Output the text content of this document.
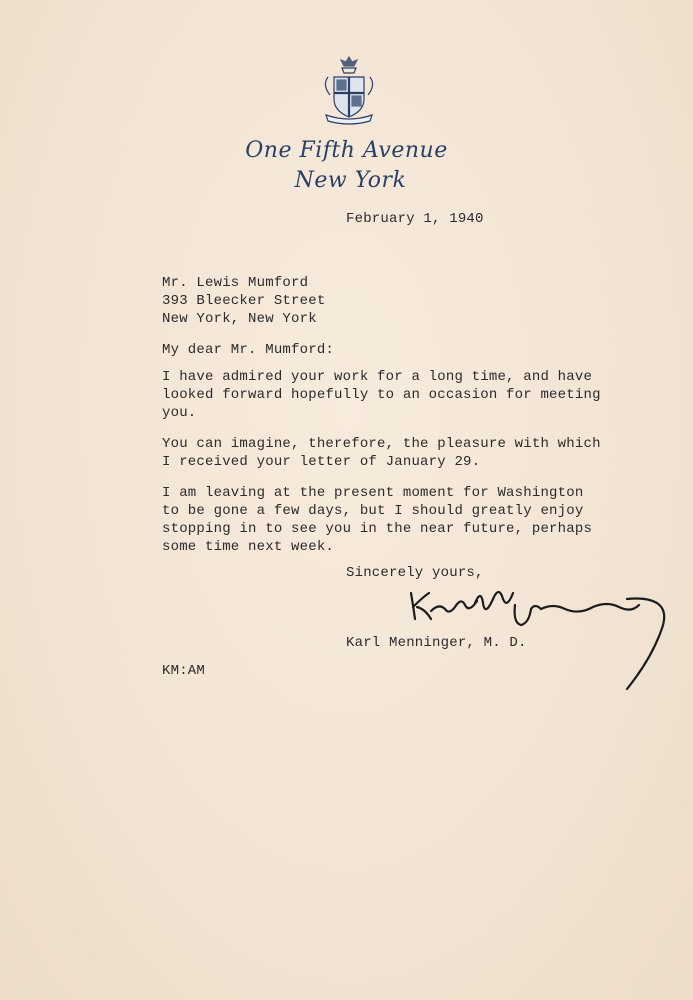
One Fifth Avenue
New York
February 1, 1940
Mr. Lewis Mumford
393 Bleecker Street
New York, New York
My dear Mr. Mumford:
I have admired your work for a long time, and have
looked forward hopefully to an occasion for meeting
you.
You can imagine, therefore, the pleasure with which
I received your letter of January 29.
I am leaving at the present moment for Washington
to be gone a few days, but I should greatly enjoy
stopping in to see you in the near future, perhaps
some time next week.
Sincerely yours,
Karl Menninger, M. D.
KM:AM
